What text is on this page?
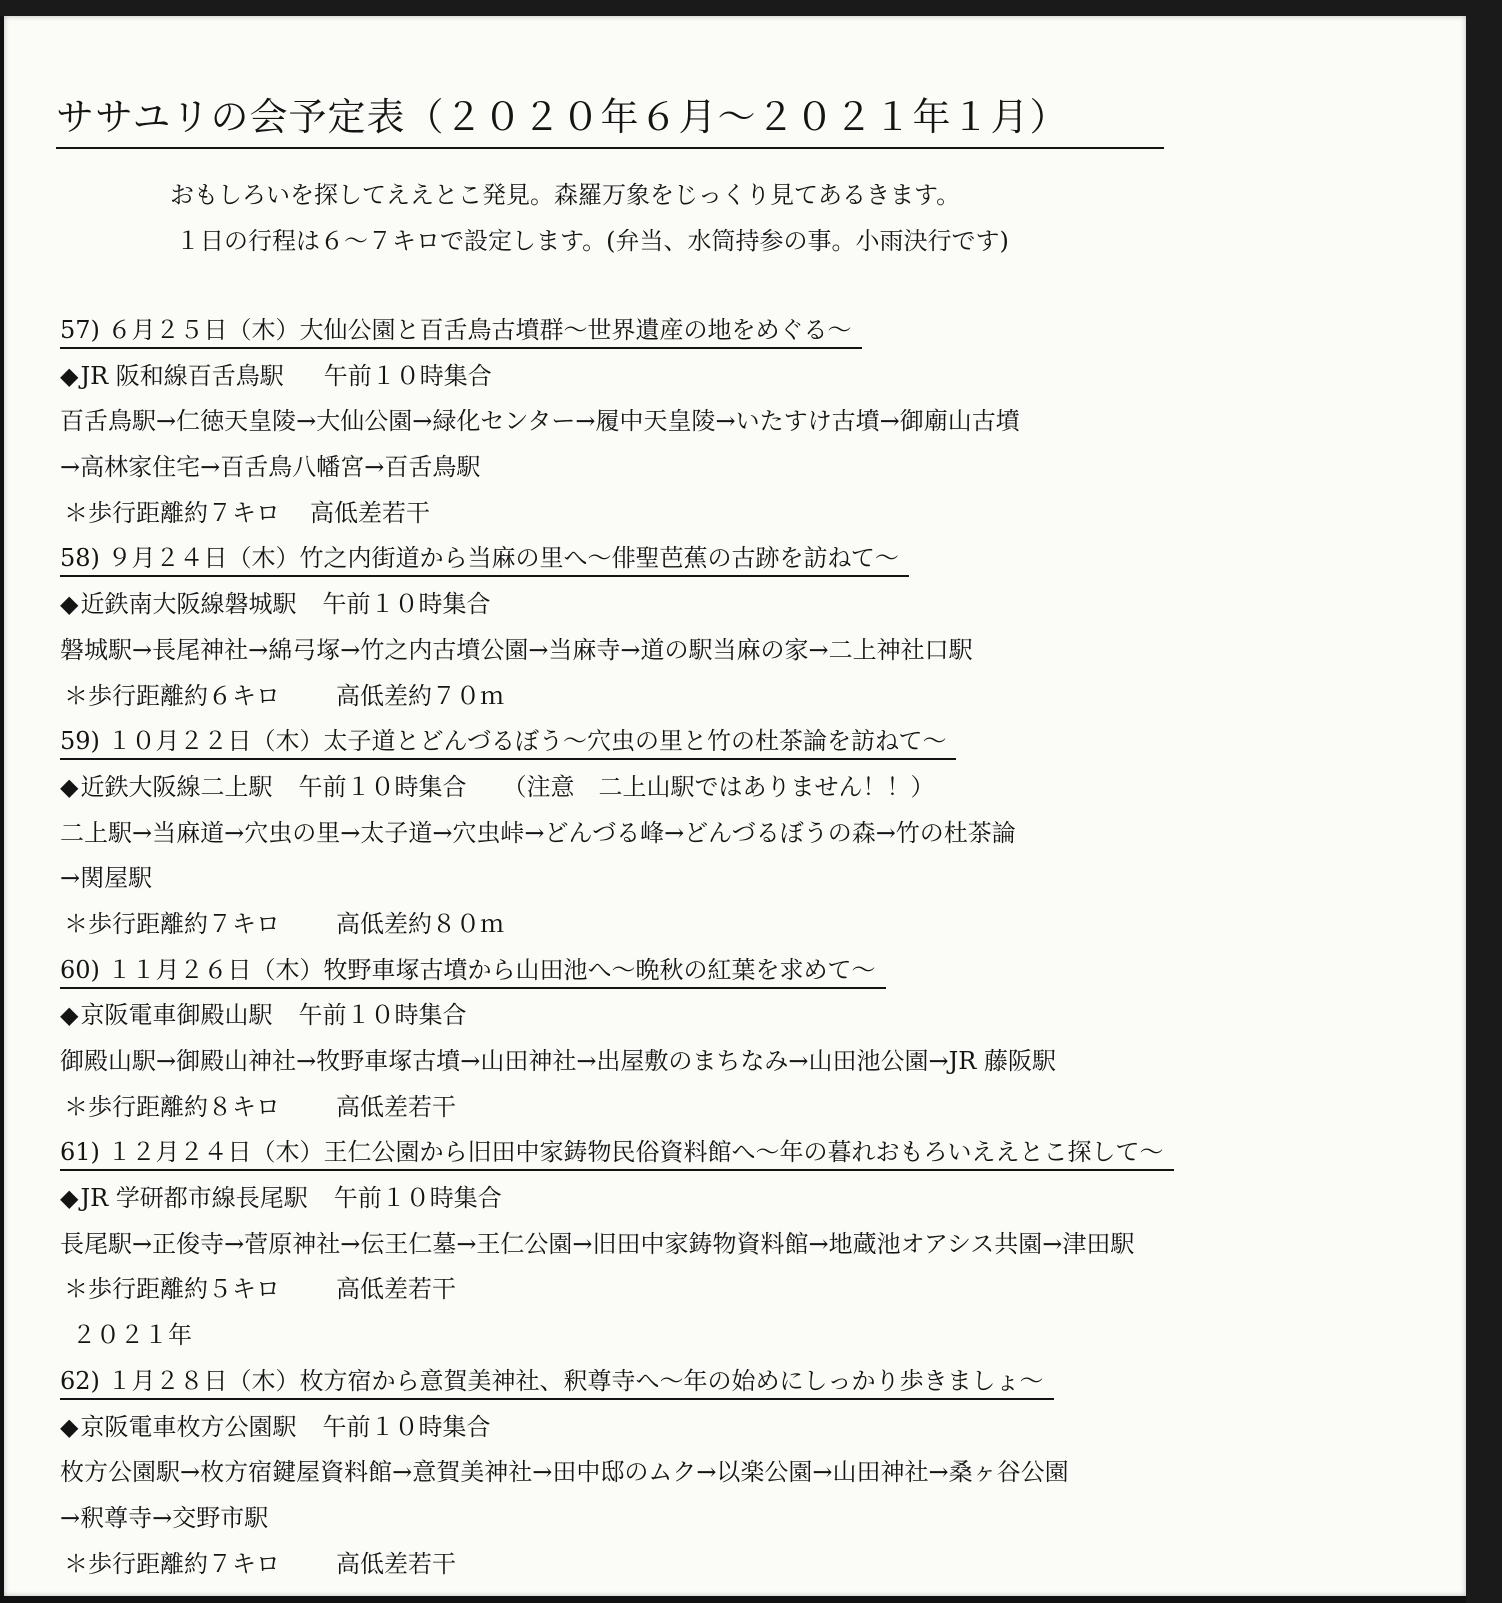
ササユリの会予定表（２０２０年６月～２０２１年１月）
おもしろいを探してええとこ発見。森羅万象をじっくり見てあるきます。
１日の行程は６～７キロで設定します。(弁当、水筒持参の事。小雨決行です)
57) ６月２５日（木）大仙公園と百舌鳥古墳群～世界遺産の地をめぐる～
◆JR 阪和線百舌鳥駅 午前１０時集合
百舌鳥駅→仁徳天皇陵→大仙公園→緑化センター→履中天皇陵→いたすけ古墳→御廟山古墳
→高林家住宅→百舌鳥八幡宮→百舌鳥駅
＊歩行距離約７キロ 高低差若干
58) ９月２４日（木）竹之内街道から当麻の里へ～俳聖芭蕉の古跡を訪ねて～
◆近鉄南大阪線磐城駅 午前１０時集合
磐城駅→長尾神社→綿弓塚→竹之内古墳公園→当麻寺→道の駅当麻の家→二上神社口駅
＊歩行距離約６キロ 高低差約７０ｍ
59) １０月２２日（木）太子道とどんづるぼう～穴虫の里と竹の杜茶論を訪ねて～
◆近鉄大阪線二上駅 午前１０時集合　　（注意　二上山駅ではありません！！）
二上駅→当麻道→穴虫の里→太子道→穴虫峠→どんづる峰→どんづるぼうの森→竹の杜茶論
→関屋駅
＊歩行距離約７キロ 高低差約８０ｍ
60) １１月２６日（木）牧野車塚古墳から山田池へ～晩秋の紅葉を求めて～
◆京阪電車御殿山駅 午前１０時集合
御殿山駅→御殿山神社→牧野車塚古墳→山田神社→出屋敷のまちなみ→山田池公園→JR 藤阪駅
＊歩行距離約８キロ 高低差若干
61) １２月２４日（木）王仁公園から旧田中家鋳物民俗資料館へ～年の暮れおもろいええとこ探して～
◆JR 学研都市線長尾駅 午前１０時集合
長尾駅→正俊寺→菅原神社→伝王仁墓→王仁公園→旧田中家鋳物資料館→地蔵池オアシス共園→津田駅
＊歩行距離約５キロ 高低差若干
２０２１年
62) １月２８日（木）枚方宿から意賀美神社、釈尊寺へ～年の始めにしっかり歩きましょ～
◆京阪電車枚方公園駅 午前１０時集合
枚方公園駅→枚方宿鍵屋資料館→意賀美神社→田中邸のムク→以楽公園→山田神社→桑ヶ谷公園
→釈尊寺→交野市駅
＊歩行距離約７キロ 高低差若干
